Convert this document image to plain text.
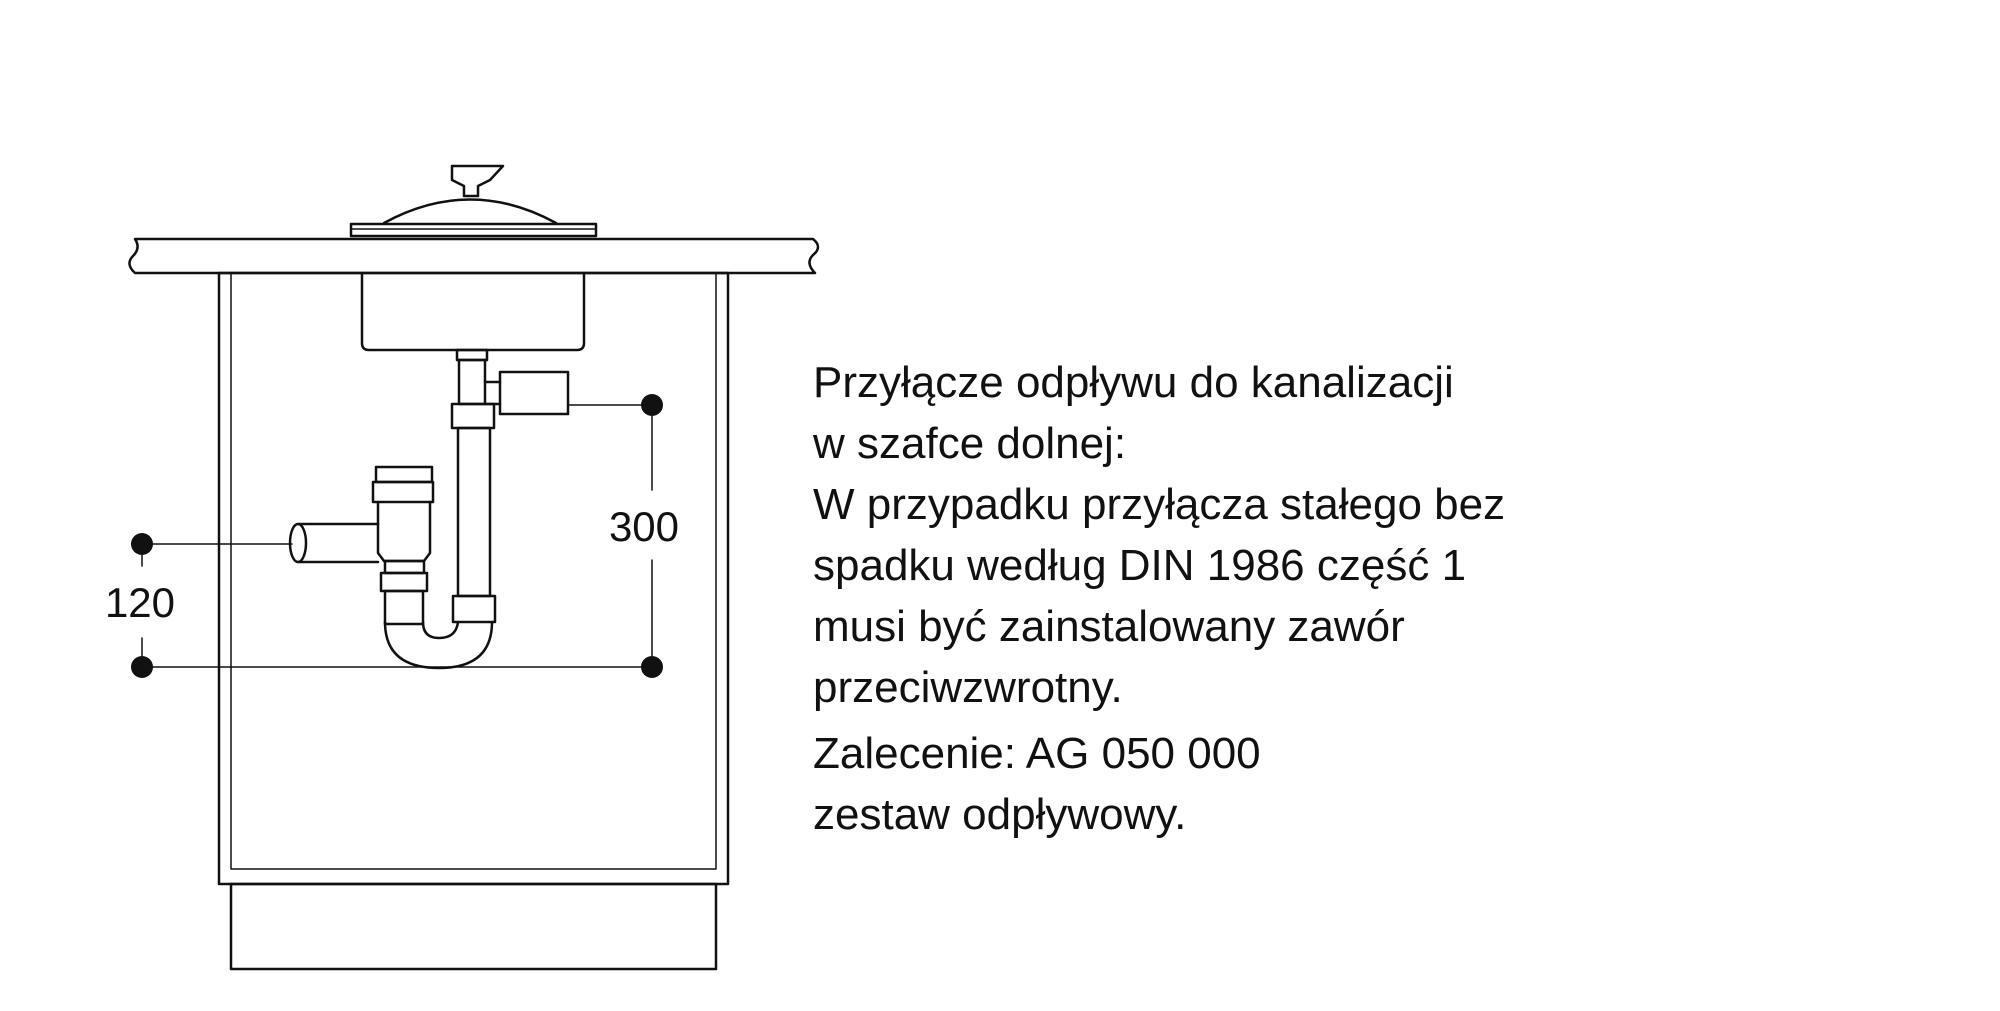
300
120
Przyłącze odpływu do kanalizacji
w szafce dolnej:
W przypadku przyłącza stałego bez
spadku według DIN 1986 część 1
musi być zainstalowany zawór
przeciwzwrotny.
Zalecenie: AG 050 000
zestaw odpływowy.
